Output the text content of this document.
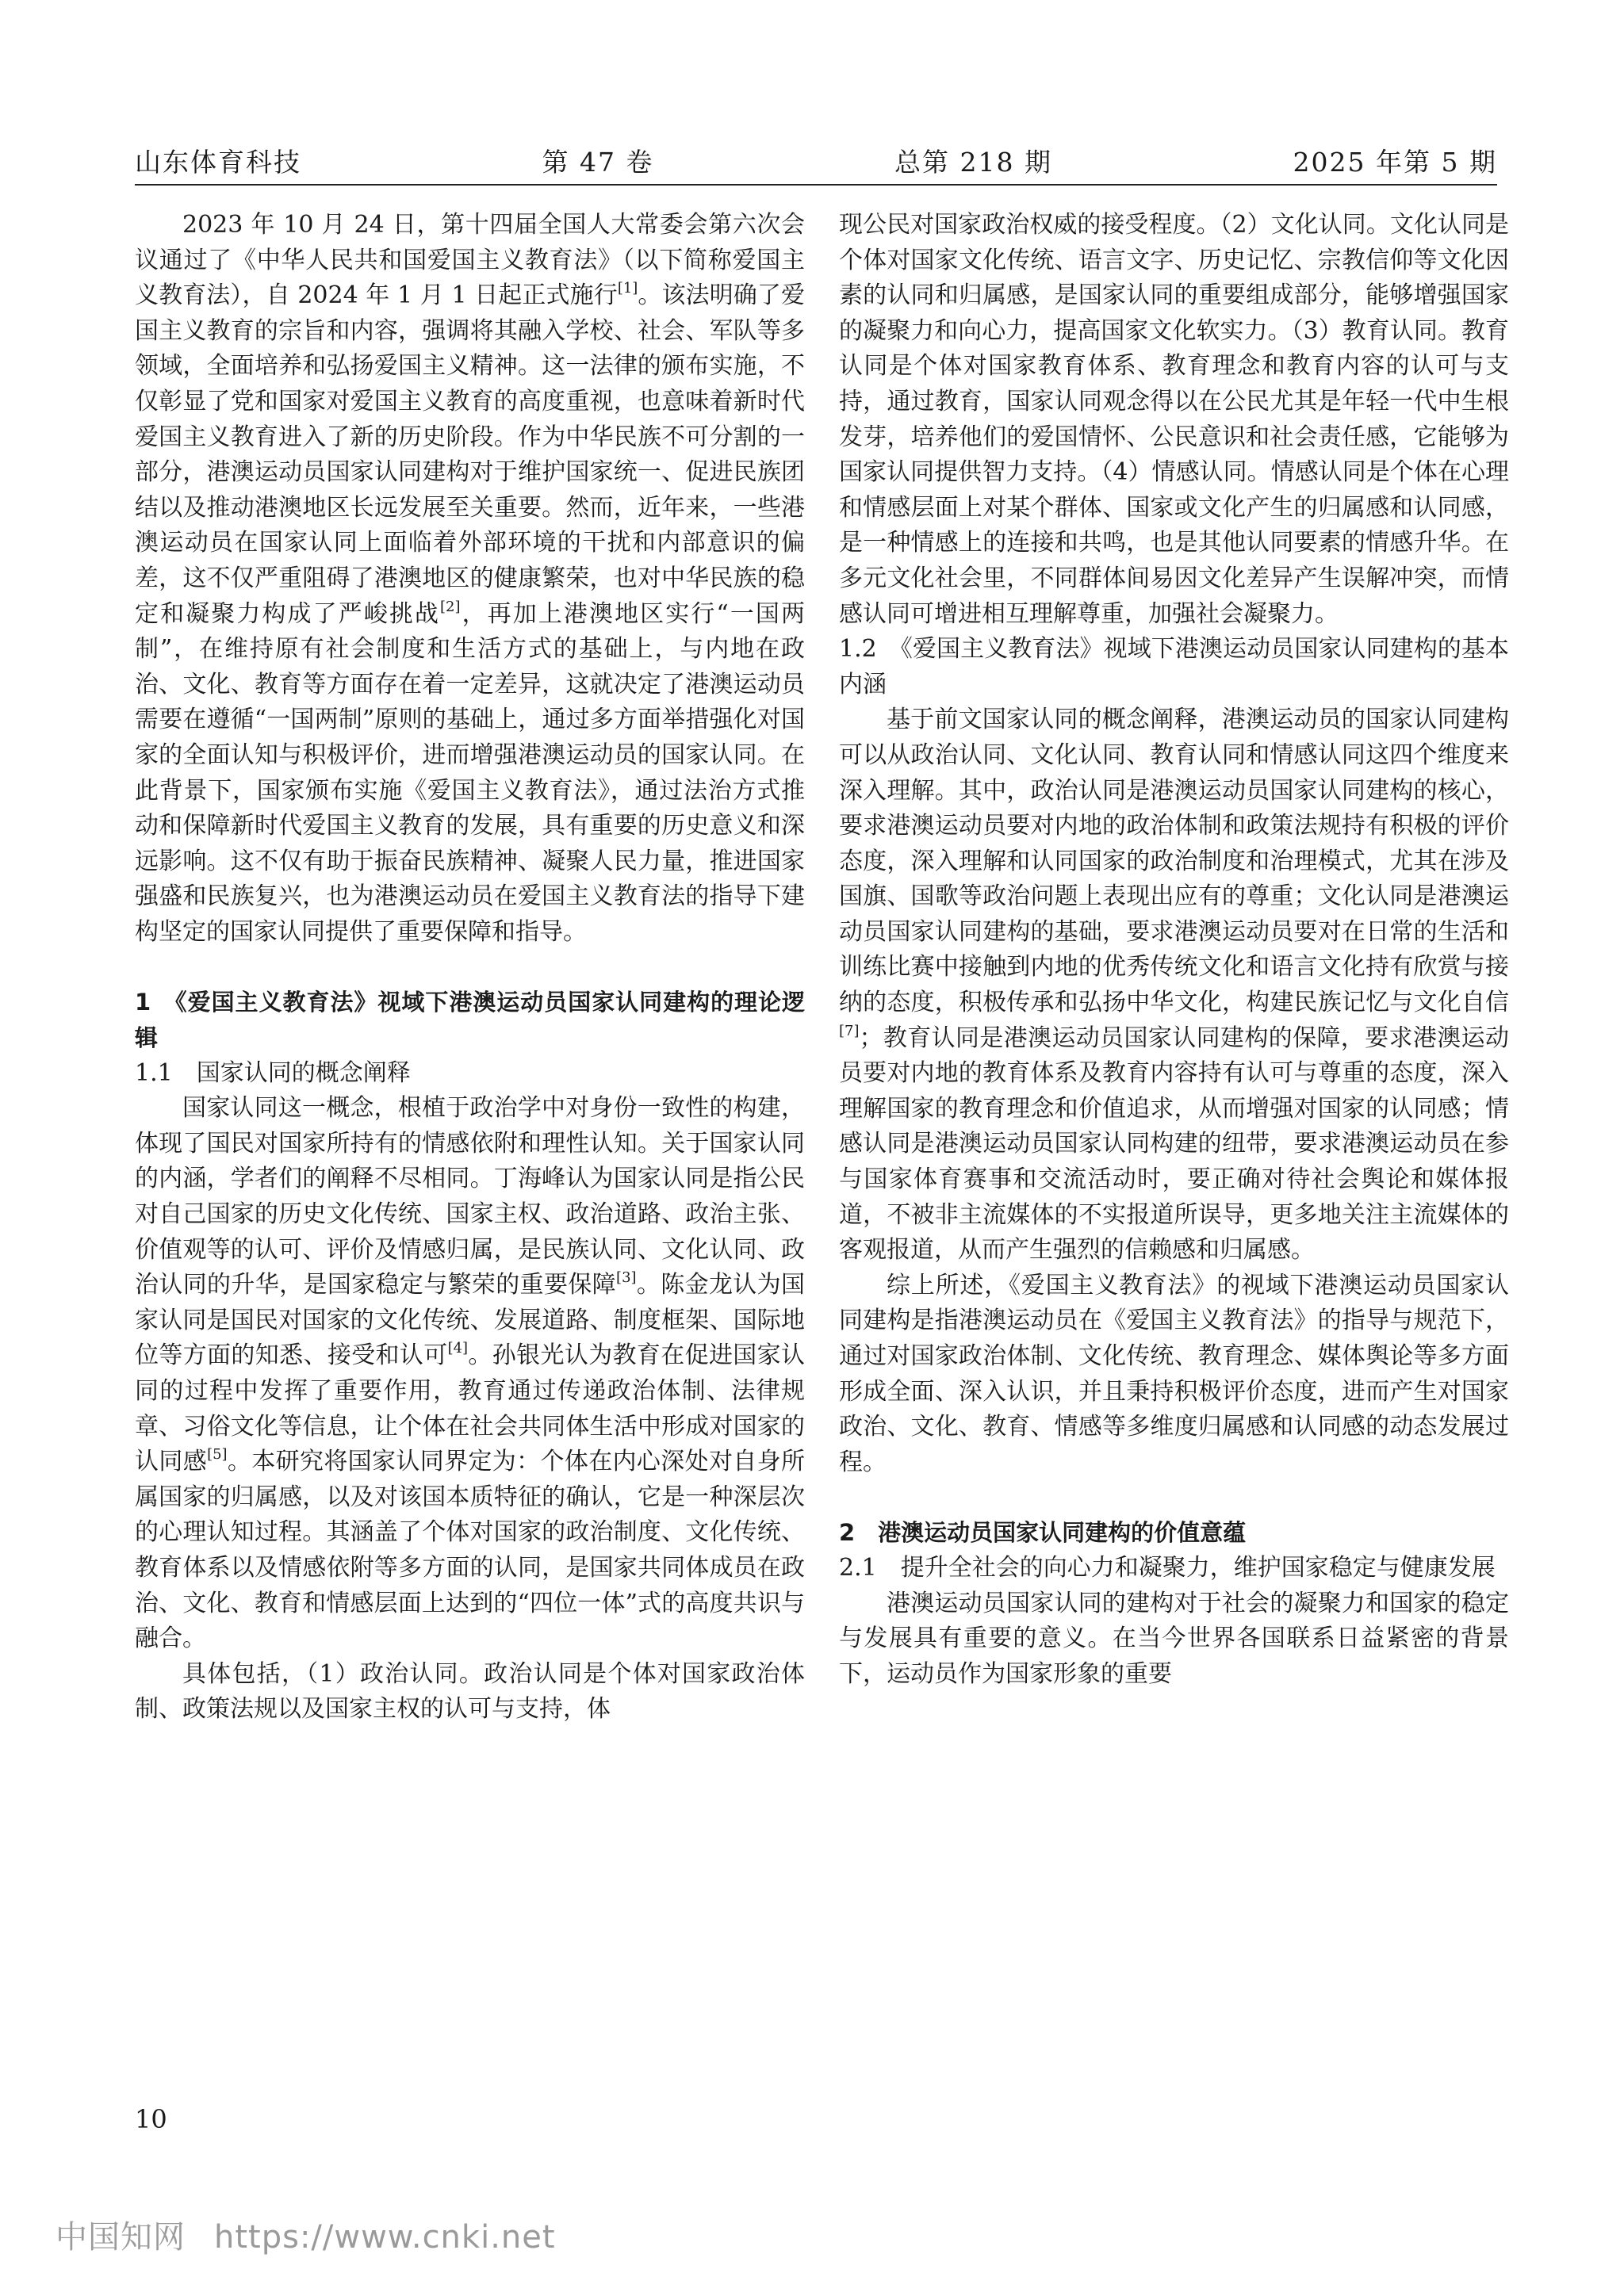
山东体育科技	第 47 卷	总第 218 期	2025 年第 5 期

2023 年 10 月 24 日，第十四届全国人大常委会第六次会议通过了《中华人民共和国爱国主义教育法》（以下简称爱国主义教育法），自 2024 年 1 月 1 日起正式施行[1]。该法明确了爱国主义教育的宗旨和内容，强调将其融入学校、社会、军队等多领域，全面培养和弘扬爱国主义精神。这一法律的颁布实施，不仅彰显了党和国家对爱国主义教育的高度重视，也意味着新时代爱国主义教育进入了新的历史阶段。作为中华民族不可分割的一部分，港澳运动员国家认同建构对于维护国家统一、促进民族团结以及推动港澳地区长远发展至关重要。然而，近年来，一些港澳运动员在国家认同上面临着外部环境的干扰和内部意识的偏差，这不仅严重阻碍了港澳地区的健康繁荣，也对中华民族的稳定和凝聚力构成了严峻挑战[2]，再加上港澳地区实行“一国两制”，在维持原有社会制度和生活方式的基础上，与内地在政治、文化、教育等方面存在着一定差异，这就决定了港澳运动员需要在遵循“一国两制”原则的基础上，通过多方面举措强化对国家的全面认知与积极评价，进而增强港澳运动员的国家认同。在此背景下，国家颁布实施《爱国主义教育法》，通过法治方式推动和保障新时代爱国主义教育的发展，具有重要的历史意义和深远影响。这不仅有助于振奋民族精神、凝聚人民力量，推进国家强盛和民族复兴，也为港澳运动员在爱国主义教育法的指导下建构坚定的国家认同提供了重要保障和指导。

1　《爱国主义教育法》视域下港澳运动员国家认同建构的理论逻辑

1.1　国家认同的概念阐释

国家认同这一概念，根植于政治学中对身份一致性的构建，体现了国民对国家所持有的情感依附和理性认知。关于国家认同的内涵，学者们的阐释不尽相同。丁海峰认为国家认同是指公民对自己国家的历史文化传统、国家主权、政治道路、政治主张、价值观等的认可、评价及情感归属，是民族认同、文化认同、政治认同的升华，是国家稳定与繁荣的重要保障[3]。陈金龙认为国家认同是国民对国家的文化传统、发展道路、制度框架、国际地位等方面的知悉、接受和认可[4]。孙银光认为教育在促进国家认同的过程中发挥了重要作用，教育通过传递政治体制、法律规章、习俗文化等信息，让个体在社会共同体生活中形成对国家的认同感[5]。本研究将国家认同界定为：个体在内心深处对自身所属国家的归属感，以及对该国本质特征的确认，它是一种深层次的心理认知过程。其涵盖了个体对国家的政治制度、文化传统、教育体系以及情感依附等多方面的认同，是国家共同体成员在政治、文化、教育和情感层面上达到的“四位一体”式的高度共识与融合。

具体包括，（1）政治认同。政治认同是个体对国家政治体制、政策法规以及国家主权的认可与支持，体

现公民对国家政治权威的接受程度。（2）文化认同。文化认同是个体对国家文化传统、语言文字、历史记忆、宗教信仰等文化因素的认同和归属感，是国家认同的重要组成部分，能够增强国家的凝聚力和向心力，提高国家文化软实力。（3）教育认同。教育认同是个体对国家教育体系、教育理念和教育内容的认可与支持，通过教育，国家认同观念得以在公民尤其是年轻一代中生根发芽，培养他们的爱国情怀、公民意识和社会责任感，它能够为国家认同提供智力支持。（4）情感认同。情感认同是个体在心理和情感层面上对某个群体、国家或文化产生的归属感和认同感，是一种情感上的连接和共鸣，也是其他认同要素的情感升华。在多元文化社会里，不同群体间易因文化差异产生误解冲突，而情感认同可增进相互理解尊重，加强社会凝聚力。

1.2　《爱国主义教育法》视域下港澳运动员国家认同建构的基本内涵

基于前文国家认同的概念阐释，港澳运动员的国家认同建构可以从政治认同、文化认同、教育认同和情感认同这四个维度来深入理解。其中，政治认同是港澳运动员国家认同建构的核心，要求港澳运动员要对内地的政治体制和政策法规持有积极的评价态度，深入理解和认同国家的政治制度和治理模式，尤其在涉及国旗、国歌等政治问题上表现出应有的尊重；文化认同是港澳运动员国家认同建构的基础，要求港澳运动员要对在日常的生活和训练比赛中接触到内地的优秀传统文化和语言文化持有欣赏与接纳的态度，积极传承和弘扬中华文化，构建民族记忆与文化自信[7]；教育认同是港澳运动员国家认同建构的保障，要求港澳运动员要对内地的教育体系及教育内容持有认可与尊重的态度，深入理解国家的教育理念和价值追求，从而增强对国家的认同感；情感认同是港澳运动员国家认同构建的纽带，要求港澳运动员在参与国家体育赛事和交流活动时，要正确对待社会舆论和媒体报道，不被非主流媒体的不实报道所误导，更多地关注主流媒体的客观报道，从而产生强烈的信赖感和归属感。

综上所述，《爱国主义教育法》的视域下港澳运动员国家认同建构是指港澳运动员在《爱国主义教育法》的指导与规范下，通过对国家政治体制、文化传统、教育理念、媒体舆论等多方面形成全面、深入认识，并且秉持积极评价态度，进而产生对国家政治、文化、教育、情感等多维度归属感和认同感的动态发展过程。

2　港澳运动员国家认同建构的价值意蕴

2.1　提升全社会的向心力和凝聚力，维护国家稳定与健康发展

港澳运动员国家认同的建构对于社会的凝聚力和国家的稳定与发展具有重要的意义。在当今世界各国联系日益紧密的背景下，运动员作为国家形象的重要

10
中国知网 https://www.cnki.net
